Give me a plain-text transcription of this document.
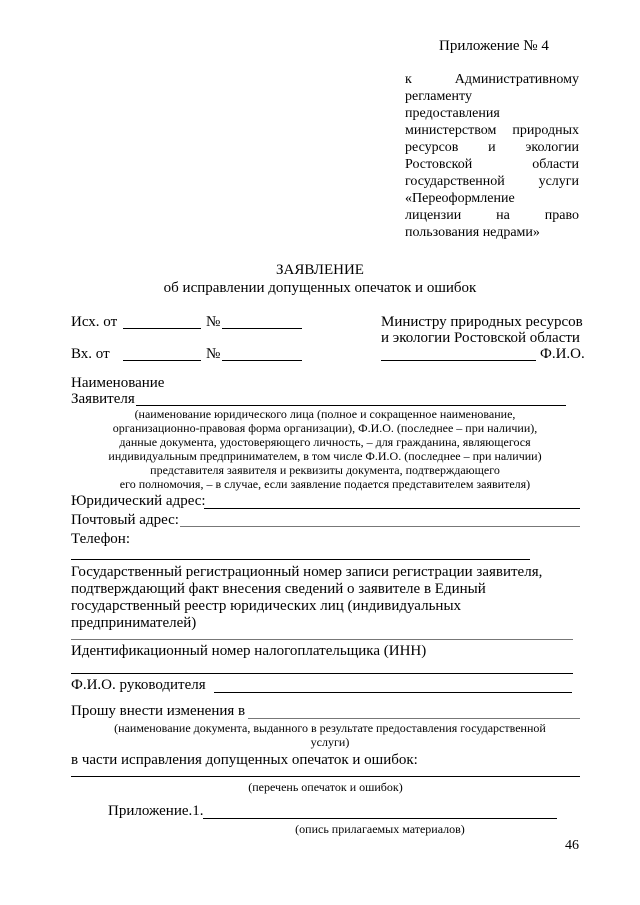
Приложение № 4
к	Административному
регламенту
предоставления
министерством природных
ресурсов и экологии
Ростовской	области
государственной услуги
«Переоформление
лицензии на право
пользования недрами»
ЗАЯВЛЕНИЕ
об исправлении допущенных опечаток и ошибок
Исх. от	№
Вх. от	№
Министру природных ресурсов
и экологии Ростовской области
Ф.И.О.
Наименование
Заявителя
(наименование юридического лица (полное и сокращенное наименование,
организационно-правовая форма организации), Ф.И.О. (последнее – при наличии),
данные документа, удостоверяющего личность, – для гражданина, являющегося
индивидуальным предпринимателем, в том числе Ф.И.О. (последнее – при наличии)
представителя заявителя и реквизиты документа, подтверждающего
его полномочия, – в случае, если заявление подается представителем заявителя)
Юридический адрес:
Почтовый адрес:
Телефон:
Государственный регистрационный номер записи регистрации заявителя,
подтверждающий факт внесения сведений о заявителе в Единый
государственный реестр юридических лиц (индивидуальных
предпринимателей)
Идентификационный номер налогоплательщика (ИНН)
Ф.И.О. руководителя
Прошу внести изменения в
(наименование документа, выданного в результате предоставления государственной
услуги)
в части исправления допущенных опечаток и ошибок:
(перечень опечаток и ошибок)
Приложение.1.
(опись прилагаемых материалов)
46
